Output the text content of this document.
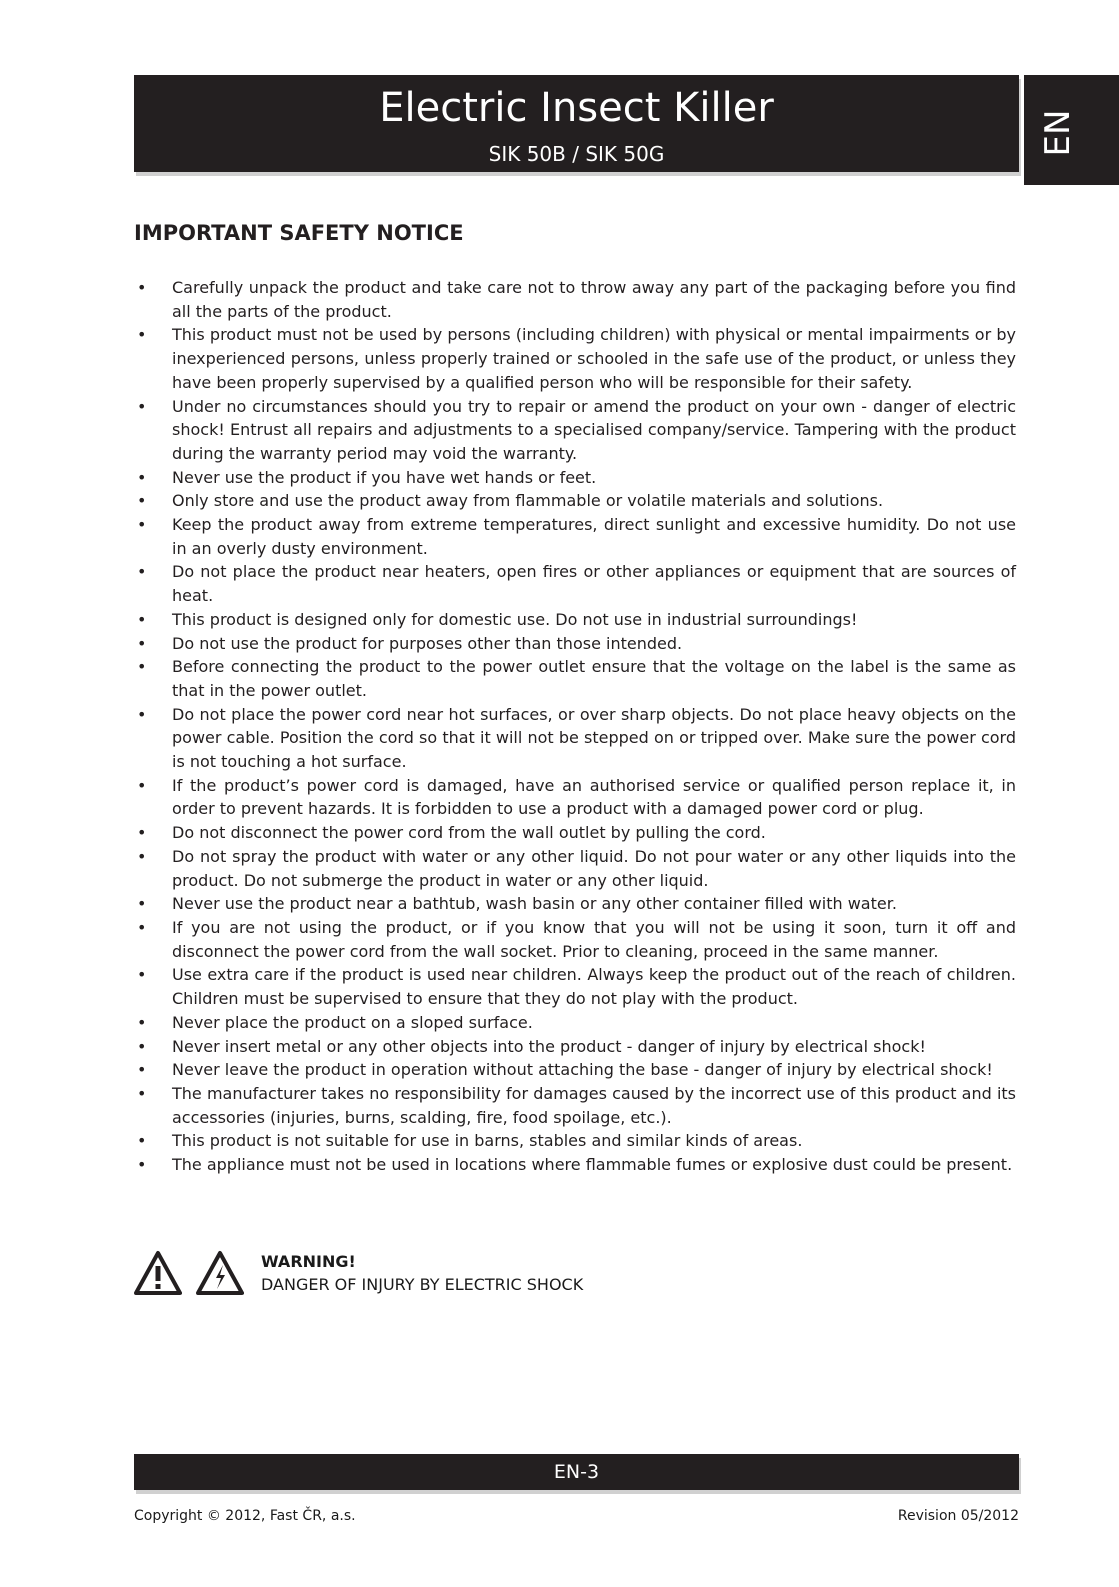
Electric Insect Killer
SIK 50B / SIK 50G	EN
IMPORTANT SAFETY NOTICE
• Carefully unpack the product and take care not to throw away any part of the packaging before you find all the parts of the product.
• This product must not be used by persons (including children) with physical or mental impairments or by inexperienced persons, unless properly trained or schooled in the safe use of the product, or unless they have been properly supervised by a qualified person who will be responsible for their safety.
• Under no circumstances should you try to repair or amend the product on your own - danger of electric shock! Entrust all repairs and adjustments to a specialised company/service. Tampering with the product during the warranty period may void the warranty.
• Never use the product if you have wet hands or feet.
• Only store and use the product away from flammable or volatile materials and solutions.
• Keep the product away from extreme temperatures, direct sunlight and excessive humidity. Do not use in an overly dusty environment.
• Do not place the product near heaters, open fires or other appliances or equipment that are sources of heat.
• This product is designed only for domestic use. Do not use in industrial surroundings!
• Do not use the product for purposes other than those intended.
• Before connecting the product to the power outlet ensure that the voltage on the label is the same as that in the power outlet.
• Do not place the power cord near hot surfaces, or over sharp objects. Do not place heavy objects on the power cable. Position the cord so that it will not be stepped on or tripped over. Make sure the power cord is not touching a hot surface.
• If the product’s power cord is damaged, have an authorised service or qualified person replace it, in order to prevent hazards. It is forbidden to use a product with a damaged power cord or plug.
• Do not disconnect the power cord from the wall outlet by pulling the cord.
• Do not spray the product with water or any other liquid. Do not pour water or any other liquids into the product. Do not submerge the product in water or any other liquid.
• Never use the product near a bathtub, wash basin or any other container filled with water.
• If you are not using the product, or if you know that you will not be using it soon, turn it off and disconnect the power cord from the wall socket. Prior to cleaning, proceed in the same manner.
• Use extra care if the product is used near children. Always keep the product out of the reach of children. Children must be supervised to ensure that they do not play with the product.
• Never place the product on a sloped surface.
• Never insert metal or any other objects into the product - danger of injury by electrical shock!
• Never leave the product in operation without attaching the base - danger of injury by electrical shock!
• The manufacturer takes no responsibility for damages caused by the incorrect use of this product and its accessories (injuries, burns, scalding, fire, food spoilage, etc.).
• This product is not suitable for use in barns, stables and similar kinds of areas.
• The appliance must not be used in locations where flammable fumes or explosive dust could be present.
WARNING!
DANGER OF INJURY BY ELECTRIC SHOCK
EN-3
Copyright © 2012, Fast ČR, a.s.	Revision 05/2012
